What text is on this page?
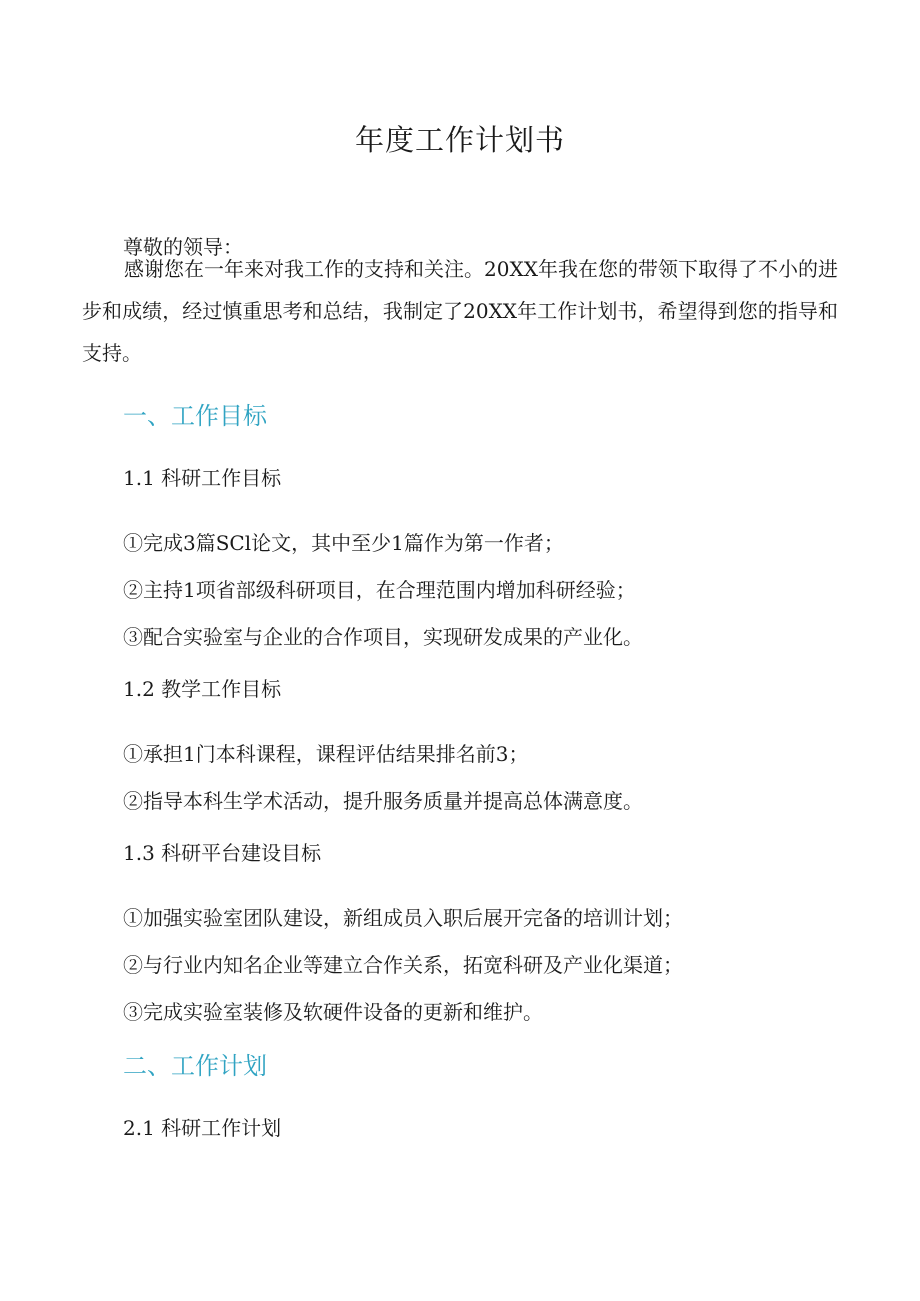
年度工作计划书
尊敬的领导：
感谢您在一年来对我工作的支持和关注。20XX年我在您的带领下取得了不小的进步和成绩，经过慎重思考和总结，我制定了20XX年工作计划书，希望得到您的指导和支持。
一、工作目标
1.1 科研工作目标
①完成3篇SCl论文，其中至少1篇作为第一作者；
②主持1项省部级科研项目，在合理范围内增加科研经验；
③配合实验室与企业的合作项目，实现研发成果的产业化。
1.2 教学工作目标
①承担1门本科课程，课程评估结果排名前3；
②指导本科生学术活动，提升服务质量并提高总体满意度。
1.3 科研平台建设目标
①加强实验室团队建设，新组成员入职后展开完备的培训计划；
②与行业内知名企业等建立合作关系，拓宽科研及产业化渠道；
③完成实验室装修及软硬件设备的更新和维护。
二、工作计划
2.1 科研工作计划
